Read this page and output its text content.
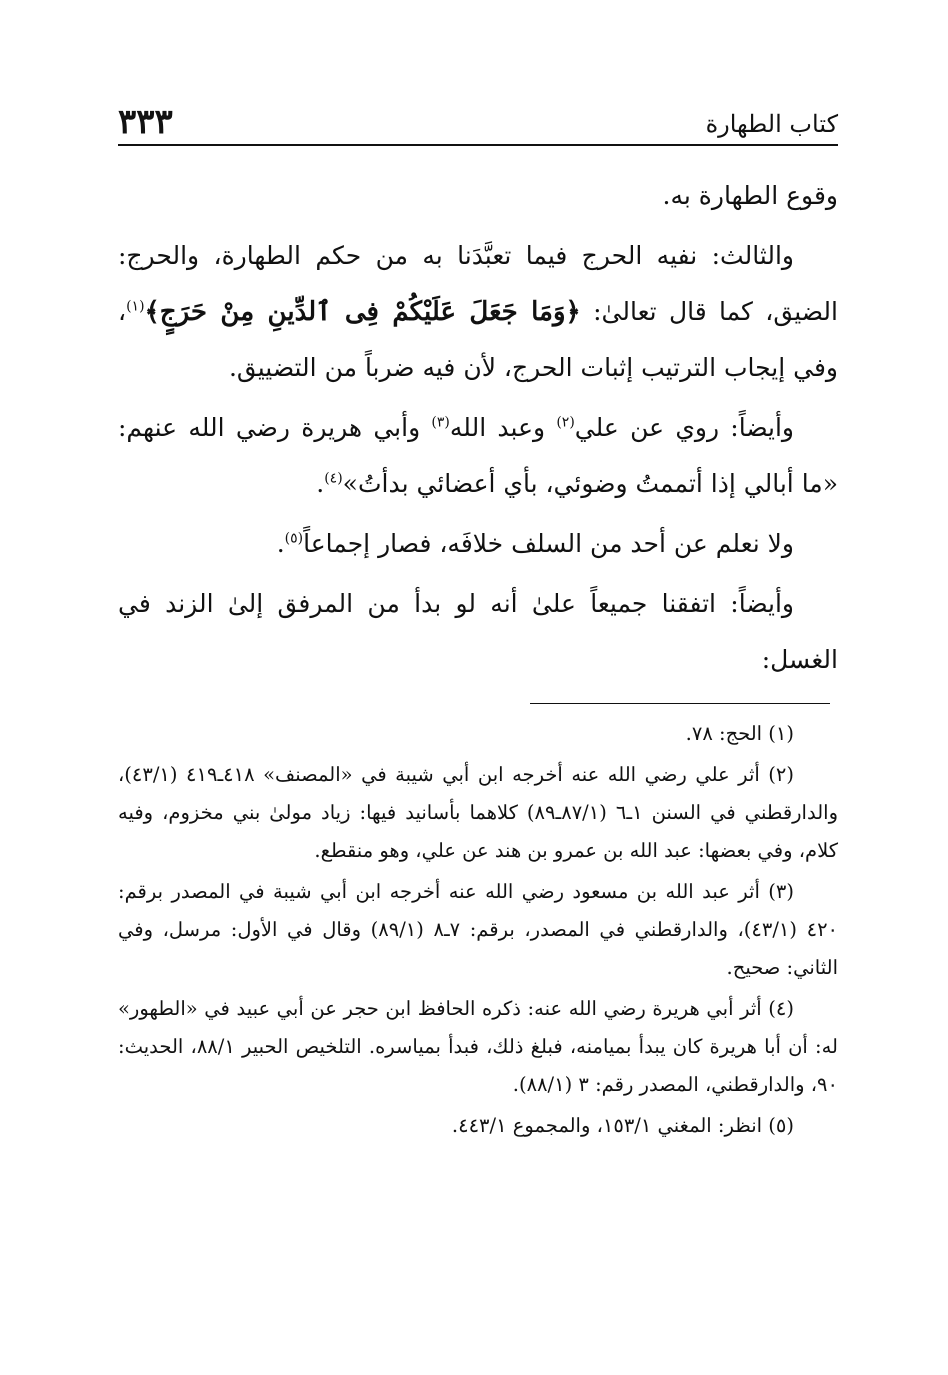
كتاب الطهارة
٣٣٣

وقوع الطهارة به.

والثالث: نفيه الحرج فيما تعبَّدَنا به من حكم الطهارة، والحرج: الضيق، كما قال تعالىٰ: ﴿وَمَا جَعَلَ عَلَيْكُمْ فِى ٱلدِّينِ مِنْ حَرَجٍ﴾$^{(١)}$، وفي إيجاب الترتيب إثبات الحرج، لأن فيه ضرباً من التضييق.

وأيضاً: روي عن علي$^{(٢)}$ وعبد الله$^{(٣)}$ وأبي هريرة رضي الله عنهم: «ما أبالي إذا أتممتُ وضوئي، بأي أعضائي بدأتُ»$^{(٤)}$.

ولا نعلم عن أحد من السلف خلافَه، فصار إجماعاً$^{(٥)}$.

وأيضاً: اتفقنا جميعاً علىٰ أنه لو بدأ من المرفق إلىٰ الزند في الغسل:

(١) الحج: ٧٨.

(٢) أثر علي رضي الله عنه أخرجه ابن أبي شيبة في «المصنف» ٤١٨ـ٤١٩ (٤٣/١)، والدارقطني في السنن ١ـ٦ (٨٧/١ـ٨٩) كلاهما بأسانيد فيها: زياد مولىٰ بني مخزوم، وفيه كلام، وفي بعضها: عبد الله بن عمرو بن هند عن علي، وهو منقطع.

(٣) أثر عبد الله بن مسعود رضي الله عنه أخرجه ابن أبي شيبة في المصدر برقم: ٤٢٠ (٤٣/١)، والدارقطني في المصدر، برقم: ٧ـ٨ (٨٩/١) وقال في الأول: مرسل، وفي الثاني: صحيح.

(٤) أثر أبي هريرة رضي الله عنه: ذكره الحافظ ابن حجر عن أبي عبيد في «الطهور» له: أن أبا هريرة كان يبدأ بميامنه، فبلغ ذلك، فبدأ بمياسره. التلخيص الحبير ٨٨/١، الحديث: ٩٠، والدارقطني، المصدر رقم: ٣ (٨٨/١).

(٥) انظر: المغني ١٥٣/١، والمجموع ٤٤٣/١.
